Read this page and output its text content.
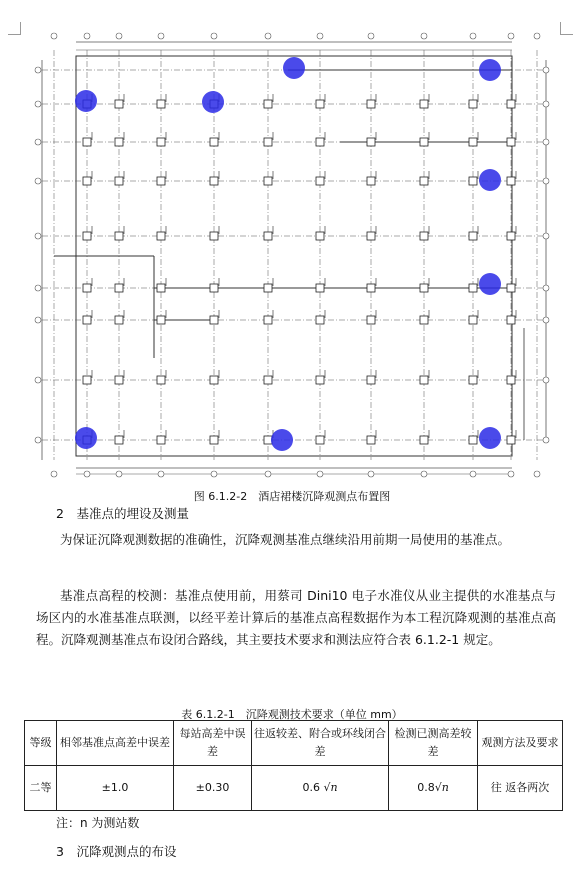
图 6.1.2-2　酒店裙楼沉降观测点布置图
2　基准点的埋设及测量
为保证沉降观测数据的准确性，沉降观测基准点继续沿用前期一局使用的基准点。
基准点高程的校测：基准点使用前，用蔡司 Dini10 电子水准仪从业主提供的水准基点与场区内的水准基准点联测，以经平差计算后的基准点高程数据作为本工程沉降观测的基准点高程。沉降观测基准点布设闭合路线，其主要技术要求和测法应符合表 6.1.2-1 规定。
表 6.1.2-1　沉降观测技术要求（单位 mm）
等级	相邻基准点高差中误差	每站高差中误差	往返较差、附合或环线闭合差	检测已测高差较差	观测方法及要求
二等	±1.0	±0.30	0.6 √n	0.8√n	往 返各两次
注：n 为测站数
3　沉降观测点的布设
